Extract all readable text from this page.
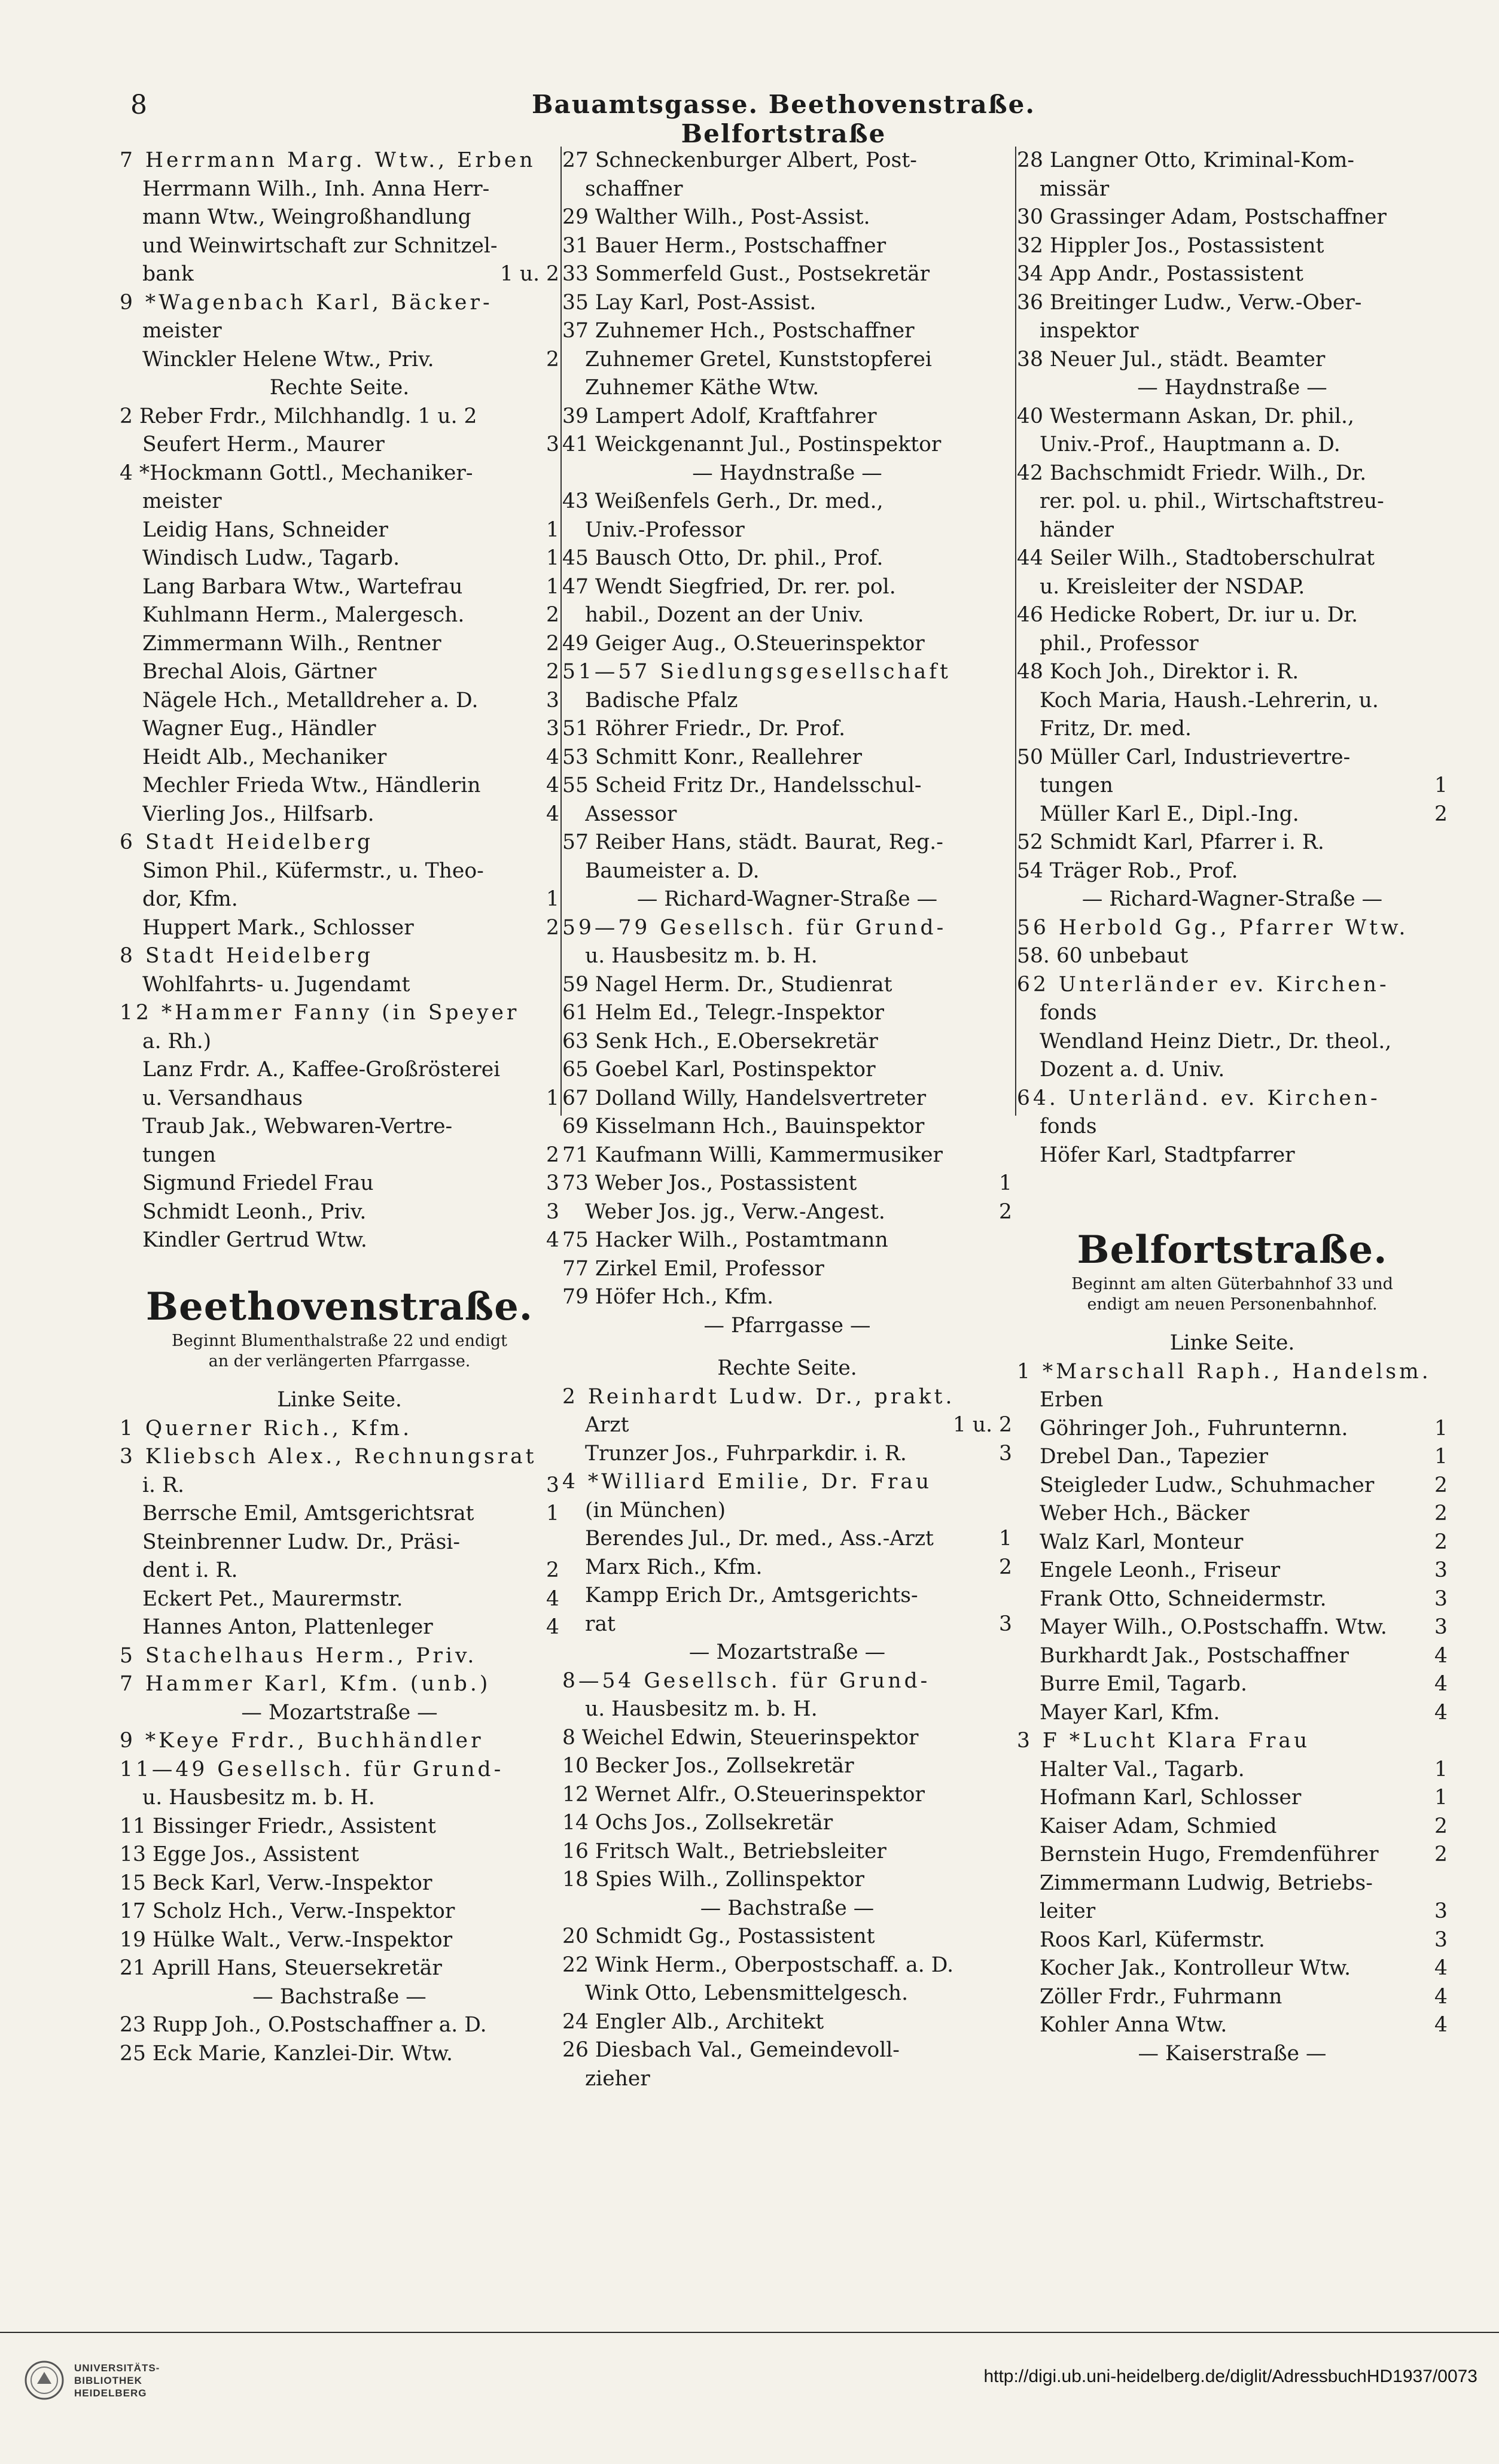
8	Bauamtsgasse. Beethovenstraße. Belfortstraße
7 Herrmann Marg. Wtw., Erben
Herrmann Wilh., Inh. Anna Herr-
mann Wtw., Weingroßhandlung
und Weinwirtschaft zur Schnitzel-
bank	1 u. 2
9 *Wagenbach Karl, Bäcker-
meister
Winckler Helene Wtw., Priv.	2
Rechte Seite.
2 Reber Frdr., Milchhandlg. 1 u. 2
Seufert Herm., Maurer	3
4 *Hockmann Gottl., Mechaniker-
meister
Leidig Hans, Schneider	1
Windisch Ludw., Tagarb.	1
Lang Barbara Wtw., Wartefrau	1
Kuhlmann Herm., Malergesch.	2
Zimmermann Wilh., Rentner	2
Brechal Alois, Gärtner	2
Nägele Hch., Metalldreher a. D.	3
Wagner Eug., Händler	3
Heidt Alb., Mechaniker	4
Mechler Frieda Wtw., Händlerin	4
Vierling Jos., Hilfsarb.	4
6 Stadt Heidelberg
Simon Phil., Küfermstr., u. Theo-
dor, Kfm.	1
Huppert Mark., Schlosser	2
8 Stadt Heidelberg
Wohlfahrts- u. Jugendamt
12 *Hammer Fanny (in Speyer
a. Rh.)
Lanz Frdr. A., Kaffee-Großrösterei
u. Versandhaus	1
Traub Jak., Webwaren-Vertre-
tungen	2
Sigmund Friedel Frau	3
Schmidt Leonh., Priv.	3
Kindler Gertrud Wtw.	4
Beethovenstraße.
Beginnt Blumenthalstraße 22 und endigt
an der verlängerten Pfarrgasse.
Linke Seite.
1 Querner Rich., Kfm.
3 Kliebsch Alex., Rechnungsrat
i. R.	3
Berrsche Emil, Amtsgerichtsrat	1
Steinbrenner Ludw. Dr., Präsi-
dent i. R.	2
Eckert Pet., Maurermstr.	4
Hannes Anton, Plattenleger	4
5 Stachelhaus Herm., Priv.
7 Hammer Karl, Kfm. (unb.)
— Mozartstraße —
9 *Keye Frdr., Buchhändler
11—49 Gesellsch. für Grund-
u. Hausbesitz m. b. H.
11 Bissinger Friedr., Assistent
13 Egge Jos., Assistent
15 Beck Karl, Verw.-Inspektor
17 Scholz Hch., Verw.-Inspektor
19 Hülke Walt., Verw.-Inspektor
21 Aprill Hans, Steuersekretär
— Bachstraße —
23 Rupp Joh., O.Postschaffner a. D.
25 Eck Marie, Kanzlei-Dir. Wtw.
27 Schneckenburger Albert, Post-
schaffner
29 Walther Wilh., Post-Assist.
31 Bauer Herm., Postschaffner
33 Sommerfeld Gust., Postsekretär
35 Lay Karl, Post-Assist.
37 Zuhnemer Hch., Postschaffner
Zuhnemer Gretel, Kunststopferei
Zuhnemer Käthe Wtw.
39 Lampert Adolf, Kraftfahrer
41 Weickgenannt Jul., Postinspektor
— Haydnstraße —
43 Weißenfels Gerh., Dr. med.,
Univ.-Professor
45 Bausch Otto, Dr. phil., Prof.
47 Wendt Siegfried, Dr. rer. pol.
habil., Dozent an der Univ.
49 Geiger Aug., O.Steuerinspektor
51—57 Siedlungsgesellschaft
Badische Pfalz
51 Röhrer Friedr., Dr. Prof.
53 Schmitt Konr., Reallehrer
55 Scheid Fritz Dr., Handelsschul-
Assessor
57 Reiber Hans, städt. Baurat, Reg.-
Baumeister a. D.
— Richard-Wagner-Straße —
59—79 Gesellsch. für Grund-
u. Hausbesitz m. b. H.
59 Nagel Herm. Dr., Studienrat
61 Helm Ed., Telegr.-Inspektor
63 Senk Hch., E.Obersekretär
65 Goebel Karl, Postinspektor
67 Dolland Willy, Handelsvertreter
69 Kisselmann Hch., Bauinspektor
71 Kaufmann Willi, Kammermusiker
73 Weber Jos., Postassistent	1
Weber Jos. jg., Verw.-Angest.	2
75 Hacker Wilh., Postamtmann
77 Zirkel Emil, Professor
79 Höfer Hch., Kfm.
— Pfarrgasse —
Rechte Seite.
2 Reinhardt Ludw. Dr., prakt.
Arzt	1 u. 2
Trunzer Jos., Fuhrparkdir. i. R.	3
4 *Williard Emilie, Dr. Frau
(in München)
Berendes Jul., Dr. med., Ass.-Arzt	1
Marx Rich., Kfm.	2
Kampp Erich Dr., Amtsgerichts-
rat	3
— Mozartstraße —
8—54 Gesellsch. für Grund-
u. Hausbesitz m. b. H.
8 Weichel Edwin, Steuerinspektor
10 Becker Jos., Zollsekretär
12 Wernet Alfr., O.Steuerinspektor
14 Ochs Jos., Zollsekretär
16 Fritsch Walt., Betriebsleiter
18 Spies Wilh., Zollinspektor
— Bachstraße —
20 Schmidt Gg., Postassistent
22 Wink Herm., Oberpostschaff. a. D.
Wink Otto, Lebensmittelgesch.
24 Engler Alb., Architekt
26 Diesbach Val., Gemeindevoll-
zieher
28 Langner Otto, Kriminal-Kom-
missär
30 Grassinger Adam, Postschaffner
32 Hippler Jos., Postassistent
34 App Andr., Postassistent
36 Breitinger Ludw., Verw.-Ober-
inspektor
38 Neuer Jul., städt. Beamter
— Haydnstraße —
40 Westermann Askan, Dr. phil.,
Univ.-Prof., Hauptmann a. D.
42 Bachschmidt Friedr. Wilh., Dr.
rer. pol. u. phil., Wirtschaftstreu-
händer
44 Seiler Wilh., Stadtoberschulrat
u. Kreisleiter der NSDAP.
46 Hedicke Robert, Dr. iur u. Dr.
phil., Professor
48 Koch Joh., Direktor i. R.
Koch Maria, Haush.-Lehrerin, u.
Fritz, Dr. med.
50 Müller Carl, Industrievertre-
tungen	1
Müller Karl E., Dipl.-Ing.	2
52 Schmidt Karl, Pfarrer i. R.
54 Träger Rob., Prof.
— Richard-Wagner-Straße —
56 Herbold Gg., Pfarrer Wtw.
58. 60 unbebaut
62 Unterländer ev. Kirchen-
fonds
Wendland Heinz Dietr., Dr. theol.,
Dozent a. d. Univ.
64. Unterländ. ev. Kirchen-
fonds
Höfer Karl, Stadtpfarrer
Belfortstraße.
Beginnt am alten Güterbahnhof 33 und
endigt am neuen Personenbahnhof.
Linke Seite.
1 *Marschall Raph., Handelsm.
Erben
Göhringer Joh., Fuhrunternn.	1
Drebel Dan., Tapezier	1
Steigleder Ludw., Schuhmacher	2
Weber Hch., Bäcker	2
Walz Karl, Monteur	2
Engele Leonh., Friseur	3
Frank Otto, Schneidermstr.	3
Mayer Wilh., O.Postschaffn. Wtw.	3
Burkhardt Jak., Postschaffner	4
Burre Emil, Tagarb.	4
Mayer Karl, Kfm.	4
3 F *Lucht Klara Frau
Halter Val., Tagarb.	1
Hofmann Karl, Schlosser	1
Kaiser Adam, Schmied	2
Bernstein Hugo, Fremdenführer	2
Zimmermann Ludwig, Betriebs-
leiter	3
Roos Karl, Küfermstr.	3
Kocher Jak., Kontrolleur Wtw.	4
Zöller Frdr., Fuhrmann	4
Kohler Anna Wtw.	4
— Kaiserstraße —
UNIVERSITÄTS-
BIBLIOTHEK
HEIDELBERG
http://digi.ub.uni-heidelberg.de/diglit/AdressbuchHD1937/0073
